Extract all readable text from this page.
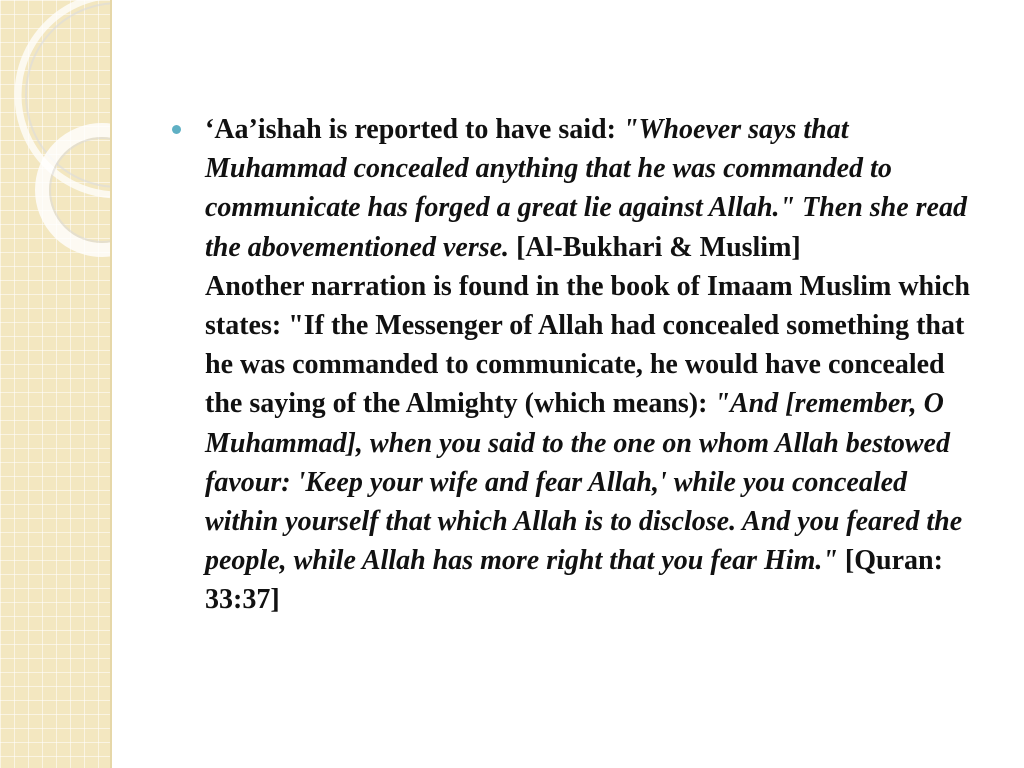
‘Aa’ishah is reported to have said: "Whoever says that Muhammad concealed anything that he was commanded to communicate has forged a great lie against Allah." Then she read the abovementioned verse. [Al-Bukhari & Muslim]

Another narration is found in the book of Imaam Muslim which states: "If the Messenger of Allah had concealed something that he was commanded to communicate, he would have concealed the saying of the Almighty (which means): "And [remember, O Muhammad], when you said to the one on whom Allah bestowed favour: 'Keep your wife and fear Allah,' while you concealed within yourself that which Allah is to disclose. And you feared the people, while Allah has more right that you fear Him." [Quran: 33:37]
